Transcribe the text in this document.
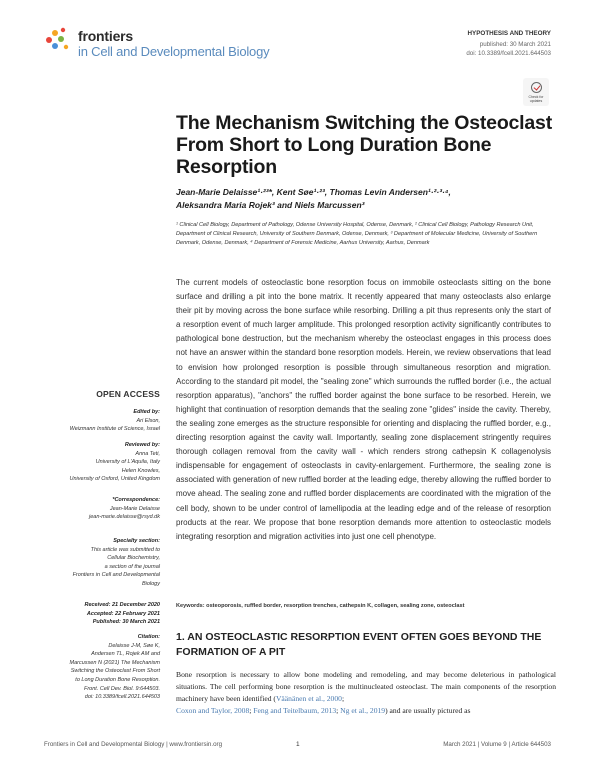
frontiers
in Cell and Developmental Biology
HYPOTHESIS AND THEORY
published: 30 March 2021
doi: 10.3389/fcell.2021.644503
Check for updates
The Mechanism Switching the Osteoclast From Short to Long Duration Bone Resorption
Jean-Marie Delaisse¹·²³*, Kent Søe¹·²³, Thomas Levin Andersen¹·²·³·⁴,
Aleksandra Maria Rojek³ and Niels Marcussen³
¹ Clinical Cell Biology, Department of Pathology, Odense University Hospital, Odense, Denmark, ² Clinical Cell Biology, Pathology Research Unit, Department of Clinical Research, University of Southern Denmark, Odense, Denmark, ³ Department of Molecular Medicine, University of Southern Denmark, Odense, Denmark, ⁴ Department of Forensic Medicine, Aarhus University, Aarhus, Denmark
The current models of osteoclastic bone resorption focus on immobile osteoclasts sitting on the bone surface and drilling a pit into the bone matrix. It recently appeared that many osteoclasts also enlarge their pit by moving across the bone surface while resorbing. Drilling a pit thus represents only the start of a resorption event of much larger amplitude. This prolonged resorption activity significantly contributes to pathological bone destruction, but the mechanism whereby the osteoclast engages in this process does not have an answer within the standard bone resorption models. Herein, we review observations that lead to envision how prolonged resorption is possible through simultaneous resorption and migration. According to the standard pit model, the "sealing zone" which surrounds the ruffled border (i.e., the actual resorption apparatus), "anchors" the ruffled border against the bone surface to be resorbed. Herein, we highlight that continuation of resorption demands that the sealing zone "glides" inside the cavity. Thereby, the sealing zone emerges as the structure responsible for orienting and displacing the ruffled border, e.g., directing resorption against the cavity wall. Importantly, sealing zone displacement stringently requires thorough collagen removal from the cavity wall - which renders strong cathepsin K collagenolysis indispensable for engagement of osteoclasts in cavity-enlargement. Furthermore, the sealing zone is associated with generation of new ruffled border at the leading edge, thereby allowing the ruffled border to move ahead. The sealing zone and ruffled border displacements are coordinated with the migration of the cell body, shown to be under control of lamellipodia at the leading edge and of the release of resorption products at the rear. We propose that bone resorption demands more attention to osteoclastic models integrating resorption and migration activities into just one cell phenotype.
Keywords: osteoporosis, ruffled border, resorption trenches, cathepsin K, collagen, sealing zone, osteoclast
1. AN OSTEOCLASTIC RESORPTION EVENT OFTEN GOES BEYOND THE FORMATION OF A PIT
Bone resorption is necessary to allow bone modeling and remodeling, and may become deleterious in pathological situations. The cell performing bone resorption is the multinucleated osteoclast. The main components of the resorption machinery have been identified (Väänänen et al., 2000;
Coxon and Taylor, 2008; Feng and Teitelbaum, 2013; Ng et al., 2019) and are usually pictured as
OPEN ACCESS
Edited by:
Ari Elson,
Weizmann Institute of Science, Israel
Reviewed by:
Anna Teti,
University of L'Aquila, Italy
Helen Knowles,
University of Oxford, United Kingdom
*Correspondence:
Jean-Marie Delaisse
jean-marie.delaisse@rsyd.dk
Specialty section:
This article was submitted to
Cellular Biochemistry,
a section of the journal
Frontiers in Cell and Developmental
Biology
Received: 21 December 2020
Accepted: 22 February 2021
Published: 30 March 2021
Citation:
Delaisse J-M, Søe K,
Andersen TL, Rojek AM and
Marcussen N (2021) The Mechanism
Switching the Osteoclast From Short
to Long Duration Bone Resorption.
Front. Cell Dev. Biol. 9:644503.
doi: 10.3389/fcell.2021.644503
Frontiers in Cell and Developmental Biology | www.frontiersin.org	1	March 2021 | Volume 9 | Article 644503
